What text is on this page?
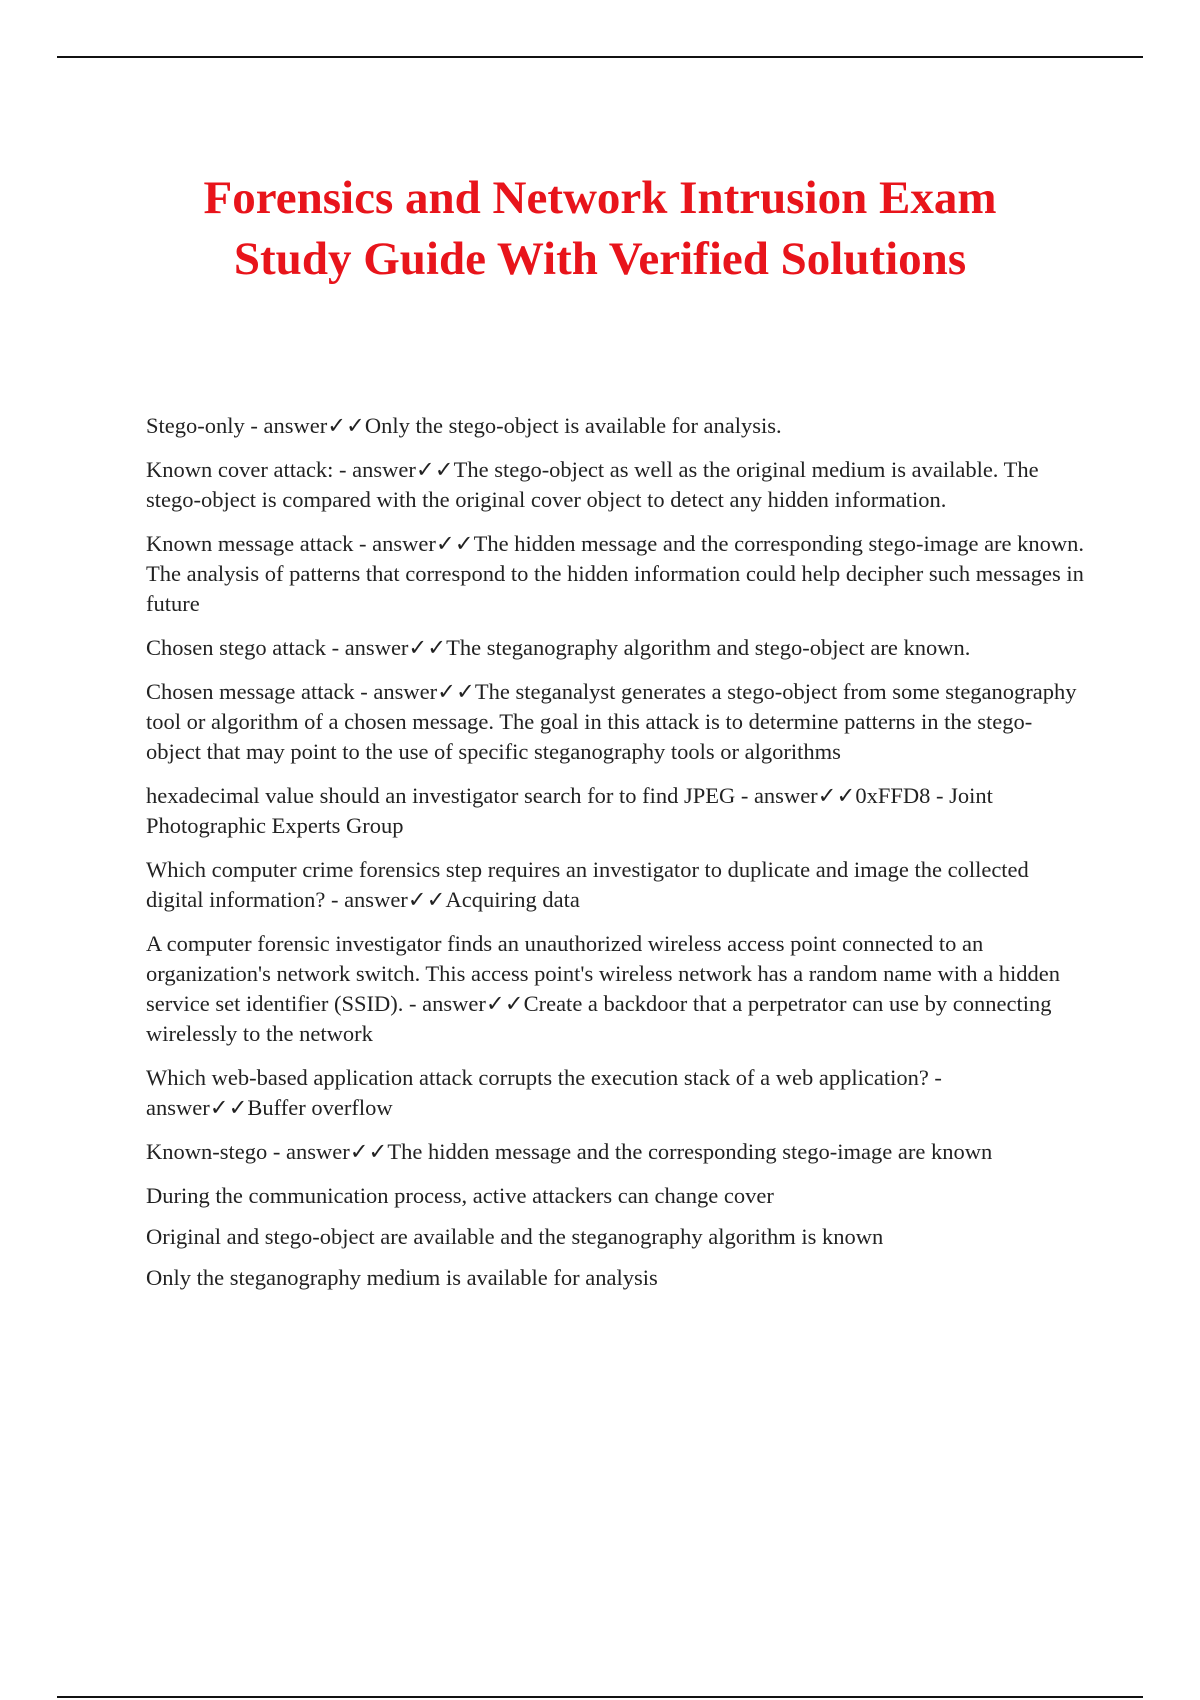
Forensics and Network Intrusion Exam
Study Guide With Verified Solutions

Stego-only - answer✓✓Only the stego-object is available for analysis.

Known cover attack: - answer✓✓The stego-object as well as the original medium is available. The stego-object is compared with the original cover object to detect any hidden information.

Known message attack - answer✓✓The hidden message and the corresponding stego-image are known. The analysis of patterns that correspond to the hidden information could help decipher such messages in future

Chosen stego attack - answer✓✓The steganography algorithm and stego-object are known.

Chosen message attack - answer✓✓The steganalyst generates a stego-object from some steganography tool or algorithm of a chosen message. The goal in this attack is to determine patterns in the stego-object that may point to the use of specific steganography tools or algorithms

hexadecimal value should an investigator search for to find JPEG - answer✓✓0xFFD8 - Joint Photographic Experts Group

Which computer crime forensics step requires an investigator to duplicate and image the collected digital information? - answer✓✓Acquiring data

A computer forensic investigator finds an unauthorized wireless access point connected to an organization's network switch. This access point's wireless network has a random name with a hidden service set identifier (SSID). - answer✓✓Create a backdoor that a perpetrator can use by connecting wirelessly to the network

Which web-based application attack corrupts the execution stack of a web application? - answer✓✓Buffer overflow

Known-stego - answer✓✓The hidden message and the corresponding stego-image are known

During the communication process, active attackers can change cover

Original and stego-object are available and the steganography algorithm is known

Only the steganography medium is available for analysis
